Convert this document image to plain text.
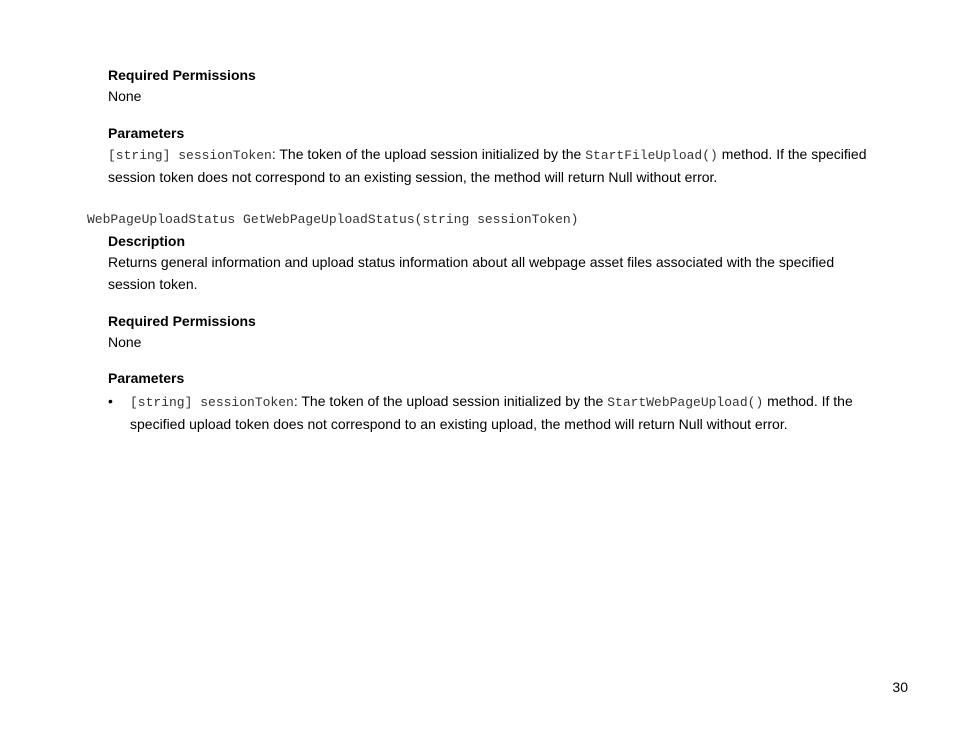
Required Permissions
None
Parameters
[string] sessionToken: The token of the upload session initialized by the StartFileUpload() method. If the specified session token does not correspond to an existing session, the method will return Null without error.
WebPageUploadStatus GetWebPageUploadStatus(string sessionToken)
Description
Returns general information and upload status information about all webpage asset files associated with the specified session token.
Required Permissions
None
Parameters
• [string] sessionToken: The token of the upload session initialized by the StartWebPageUpload() method. If the specified upload token does not correspond to an existing upload, the method will return Null without error.
30
